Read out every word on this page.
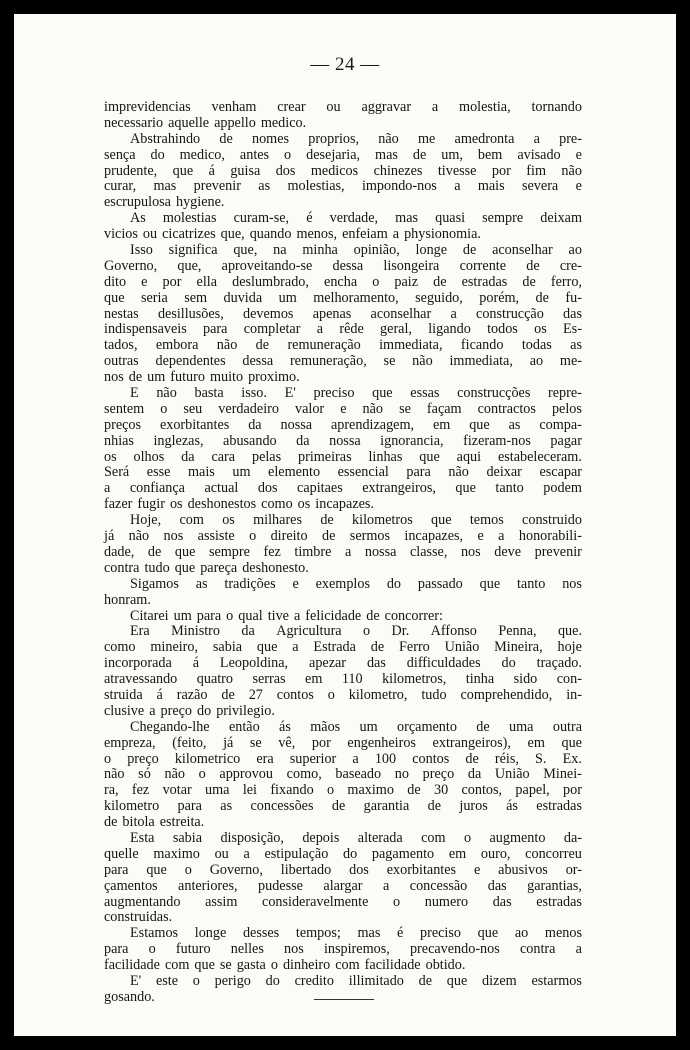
— 24 —
imprevidencias venham crear ou aggravar a molestia, tornando
necessario aquelle appello medico.
Abstrahindo de nomes proprios, não me amedronta a pre-
sença do medico, antes o desejaria, mas de um, bem avisado e
prudente, que á guisa dos medicos chinezes tivesse por fim não
curar, mas prevenir as molestias, impondo-nos a mais severa e
escrupulosa hygiene.
As molestias curam-se, é verdade, mas quasi sempre deixam
vicios ou cicatrizes que, quando menos, enfeiam a physionomia.
Isso significa que, na minha opinião, longe de aconselhar ao
Governo, que, aproveitando-se dessa lisongeira corrente de cre-
dito e por ella deslumbrado, encha o paiz de estradas de ferro,
que seria sem duvida um melhoramento, seguido, porém, de fu-
nestas desillusões, devemos apenas aconselhar a construcção das
indispensaveis para completar a rêde geral, ligando todos os Es-
tados, embora não de remuneração immediata, ficando todas as
outras dependentes dessa remuneração, se não immediata, ao me-
nos de um futuro muito proximo.
E não basta isso. E' preciso que essas construcções repre-
sentem o seu verdadeiro valor e não se façam contractos pelos
preços exorbitantes da nossa aprendizagem, em que as compa-
nhias inglezas, abusando da nossa ignorancia, fizeram-nos pagar
os olhos da cara pelas primeiras linhas que aqui estabeleceram.
Será esse mais um elemento essencial para não deixar escapar
a confiança actual dos capitaes extrangeiros, que tanto podem
fazer fugir os deshonestos como os incapazes.
Hoje, com os milhares de kilometros que temos construido
já não nos assiste o direito de sermos incapazes, e a honorabili-
dade, de que sempre fez timbre a nossa classe, nos deve prevenir
contra tudo que pareça deshonesto.
Sigamos as tradições e exemplos do passado que tanto nos
honram.
Citarei um para o qual tive a felicidade de concorrer:
Era Ministro da Agricultura o Dr. Affonso Penna, que.
como mineiro, sabia que a Estrada de Ferro União Mineira, hoje
incorporada á Leopoldina, apezar das difficuldades do traçado.
atravessando quatro serras em 110 kilometros, tinha sido con-
struida á razão de 27 contos o kilometro, tudo comprehendido, in-
clusive a preço do privilegio.
Chegando-lhe então ás mãos um orçamento de uma outra
empreza, (feito, já se vê, por engenheiros extrangeiros), em que
o preço kilometrico era superior a 100 contos de réis, S. Ex.
não só não o approvou como, baseado no preço da União Minei-
ra, fez votar uma lei fixando o maximo de 30 contos, papel, por
kilometro para as concessões de garantia de juros ás estradas
de bitola estreita.
Esta sabia disposição, depois alterada com o augmento da-
quelle maximo ou a estipulação do pagamento em ouro, concorreu
para que o Governo, libertado dos exorbitantes e abusivos or-
çamentos anteriores, pudesse alargar a concessão das garantias,
augmentando assim consideravelmente o numero das estradas
construidas.
Estamos longe desses tempos; mas é preciso que ao menos
para o futuro nelles nos inspiremos, precavendo-nos contra a
facilidade com que se gasta o dinheiro com facilidade obtido.
E' este o perigo do credito illimitado de que dizem estarmos
gosando.
